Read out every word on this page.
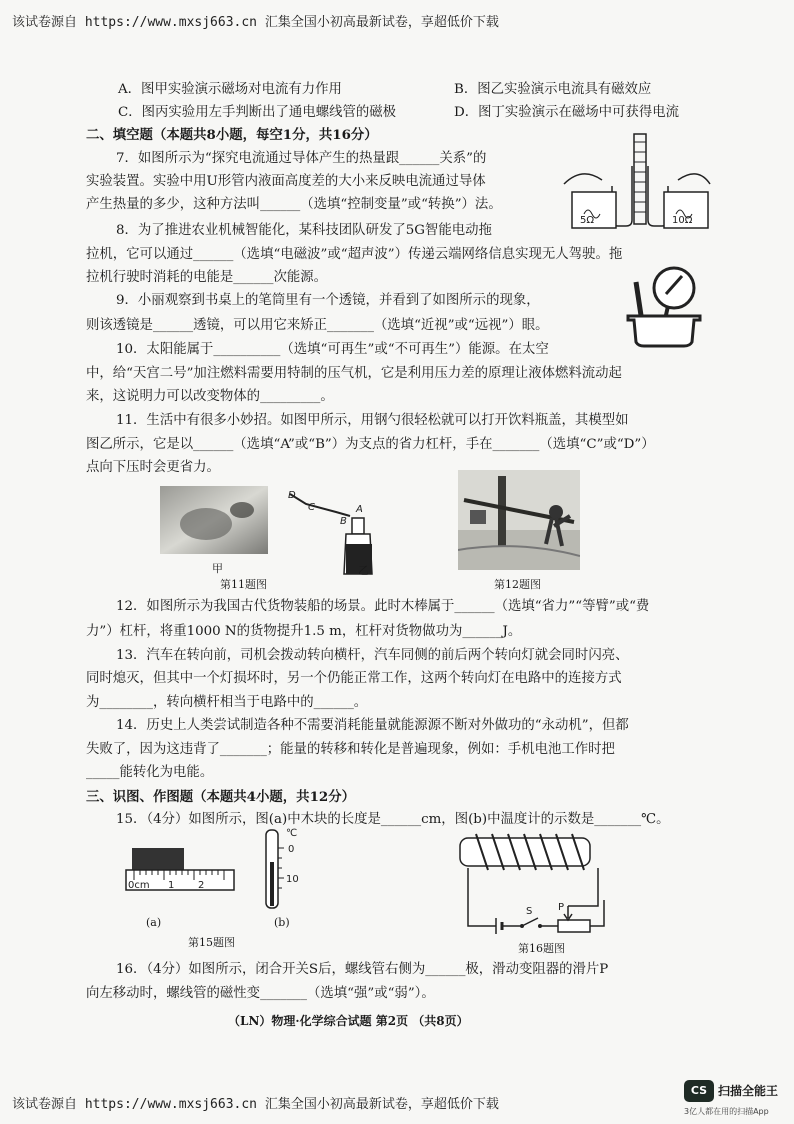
该试卷源自 https://www.mxsj663.cn 汇集全国小初高最新试卷，享超低价下载
A．图甲实验演示磁场对电流有力作用	B．图乙实验演示电流具有磁效应
C．图丙实验用左手判断出了通电螺线管的磁极	D．图丁实验演示在磁场中可获得电流
二、填空题（本题共8小题，每空1分，共16分）
7．如图所示为“探究电流通过导体产生的热量跟______关系”的
实验装置。实验中用U形管内液面高度差的大小来反映电流通过导体
产生热量的多少，这种方法叫______（选填“控制变量”或“转换”）法。
5Ω	10Ω
8．为了推进农业机械智能化，某科技团队研发了5G智能电动拖
拉机，它可以通过______（选填“电磁波”或“超声波”）传递云端网络信息实现无人驾驶。拖
拉机行驶时消耗的电能是______次能源。
9．小丽观察到书桌上的笔筒里有一个透镜，并看到了如图所示的现象，
则该透镜是______透镜，可以用它来矫正_______（选填“近视”或“远视”）眼。
10．太阳能属于__________（选填“可再生”或“不可再生”）能源。在太空
中，给“天宫二号”加注燃料需要用特制的压气机，它是利用压力差的原理让液体燃料流动起
来，这说明力可以改变物体的_________。
11．生活中有很多小妙招。如图甲所示，用钢勺很轻松就可以打开饮料瓶盖，其模型如
图乙所示，它是以______（选填“A”或“B”）为支点的省力杠杆，手在_______（选填“C”或“D”）
点向下压时会更省力。
D
C
B
A
甲	乙
第11题图	第12题图
12．如图所示为我国古代货物装船的场景。此时木棒属于______（选填“省力”“等臂”或“费
力”）杠杆，将重1000 N的货物提升1.5 m，杠杆对货物做功为______J。
13．汽车在转向前，司机会拨动转向横杆，汽车同侧的前后两个转向灯就会同时闪亮、
同时熄灭，但其中一个灯损坏时，另一个仍能正常工作，这两个转向灯在电路中的连接方式
为________，转向横杆相当于电路中的______。
14．历史上人类尝试制造各种不需要消耗能量就能源源不断对外做功的“永动机”，但都
失败了，因为这违背了_______；能量的转移和转化是普遍现象，例如：手机电池工作时把
_____能转化为电能。
三、识图、作图题（本题共4小题，共12分）
15．（4分）如图所示，图(a)中木块的长度是______cm，图(b)中温度计的示数是_______℃。
0cm 1 2
℃
0
10
(a)	(b)
第15题图
S	P
第16题图
16．（4分）如图所示，闭合开关S后，螺线管右侧为______极，滑动变阻器的滑片P
向左移动时，螺线管的磁性变_______（选填“强”或“弱”）。
（LN）物理·化学综合试题 第2页 （共8页）
该试卷源自 https://www.mxsj663.cn 汇集全国小初高最新试卷，享超低价下载
CS 扫描全能王
3亿人都在用的扫描App
